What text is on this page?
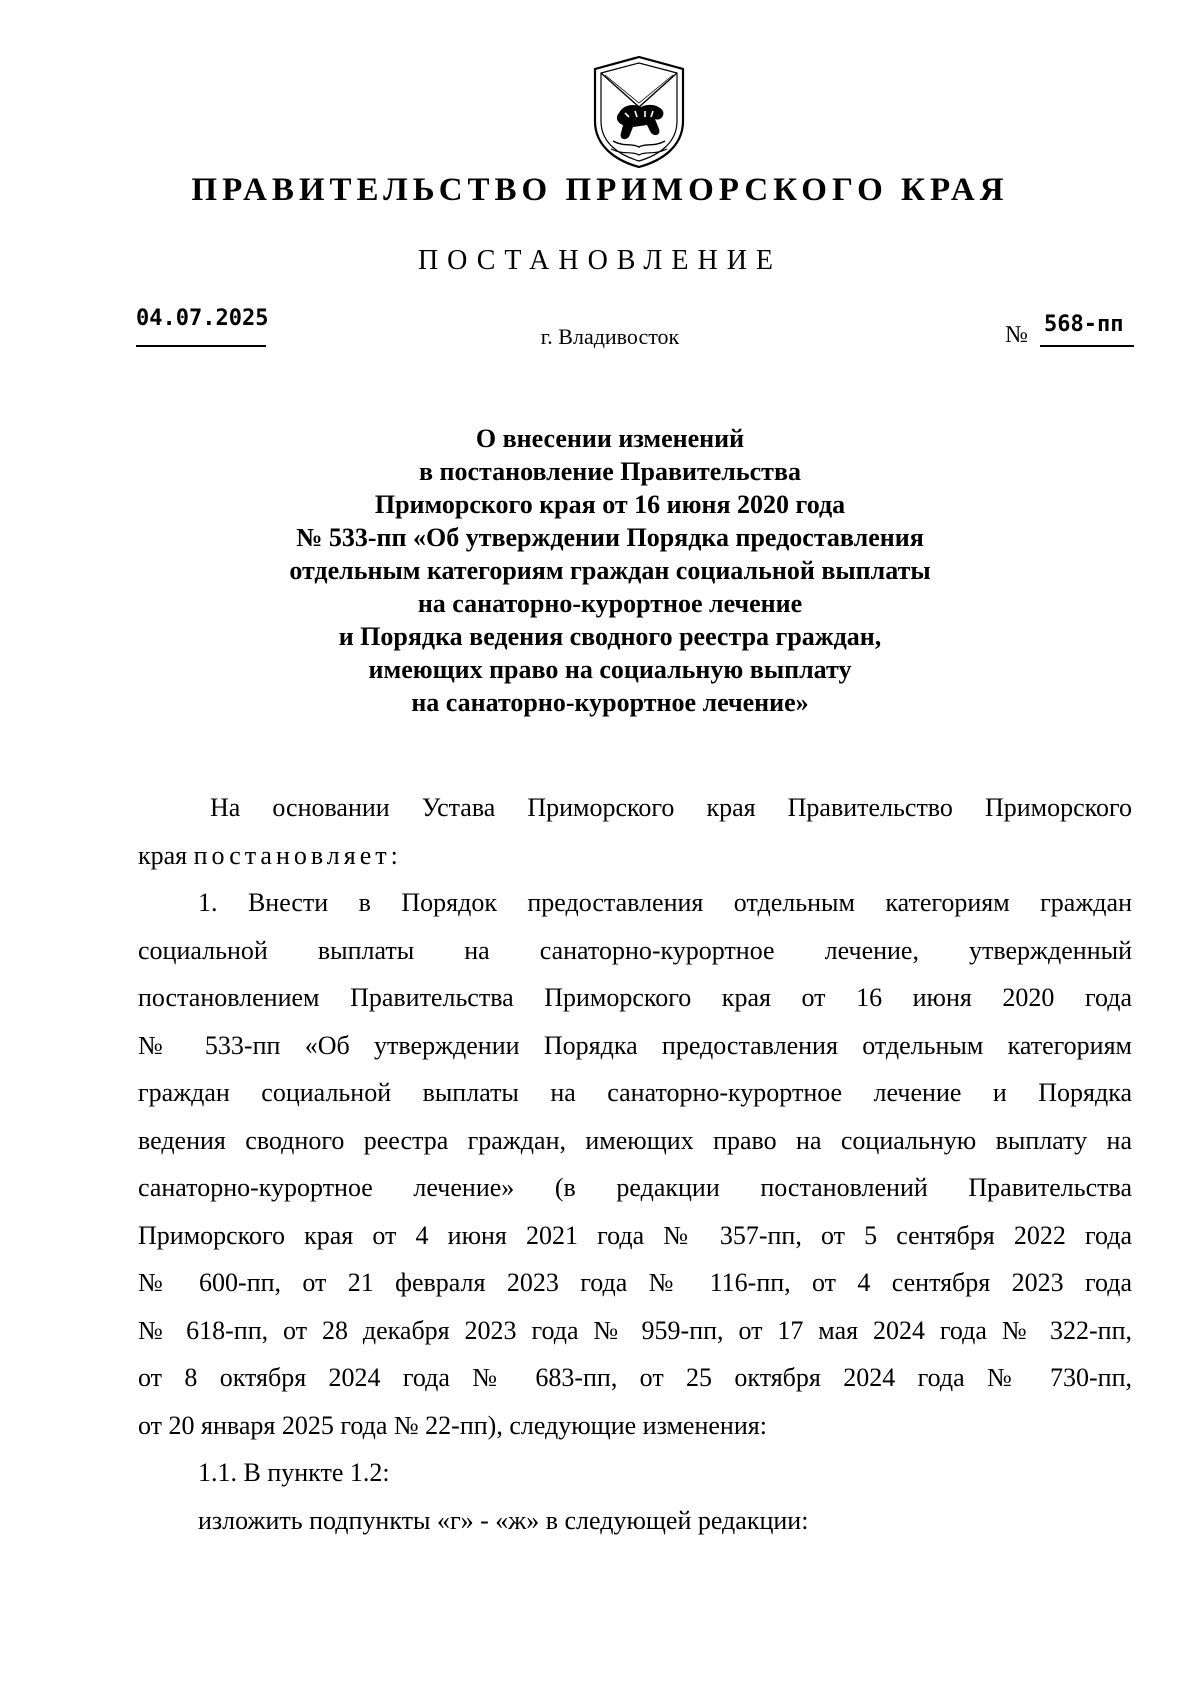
ПРАВИТЕЛЬСТВО ПРИМОРСКОГО КРАЯ
ПОСТАНОВЛЕНИЕ
04.07.2025
г. Владивосток	№ 568-пп
О внесении изменений
в постановление Правительства
Приморского края от 16 июня 2020 года
№ 533-пп «Об утверждении Порядка предоставления
отдельным категориям граждан социальной выплаты
на санаторно-курортное лечение
и Порядка ведения сводного реестра граждан,
имеющих право на социальную выплату
на санаторно-курортное лечение»
На основании Устава Приморского края Правительство Приморского
края постановляет:
1. Внести в Порядок предоставления отдельным категориям граждан
социальной выплаты на санаторно-курортное лечение, утвержденный
постановлением Правительства Приморского края от 16 июня 2020 года
№ 533-пп «Об утверждении Порядка предоставления отдельным категориям
граждан социальной выплаты на санаторно-курортное лечение и Порядка
ведения сводного реестра граждан, имеющих право на социальную выплату на
санаторно-курортное лечение» (в редакции постановлений Правительства
Приморского края от 4 июня 2021 года № 357-пп, от 5 сентября 2022 года
№ 600-пп, от 21 февраля 2023 года № 116-пп, от 4 сентября 2023 года
№ 618-пп, от 28 декабря 2023 года № 959-пп, от 17 мая 2024 года № 322-пп,
от 8 октября 2024 года № 683-пп, от 25 октября 2024 года № 730-пп,
от 20 января 2025 года № 22-пп), следующие изменения:
1.1. В пункте 1.2:
изложить подпункты «г» - «ж» в следующей редакции:
